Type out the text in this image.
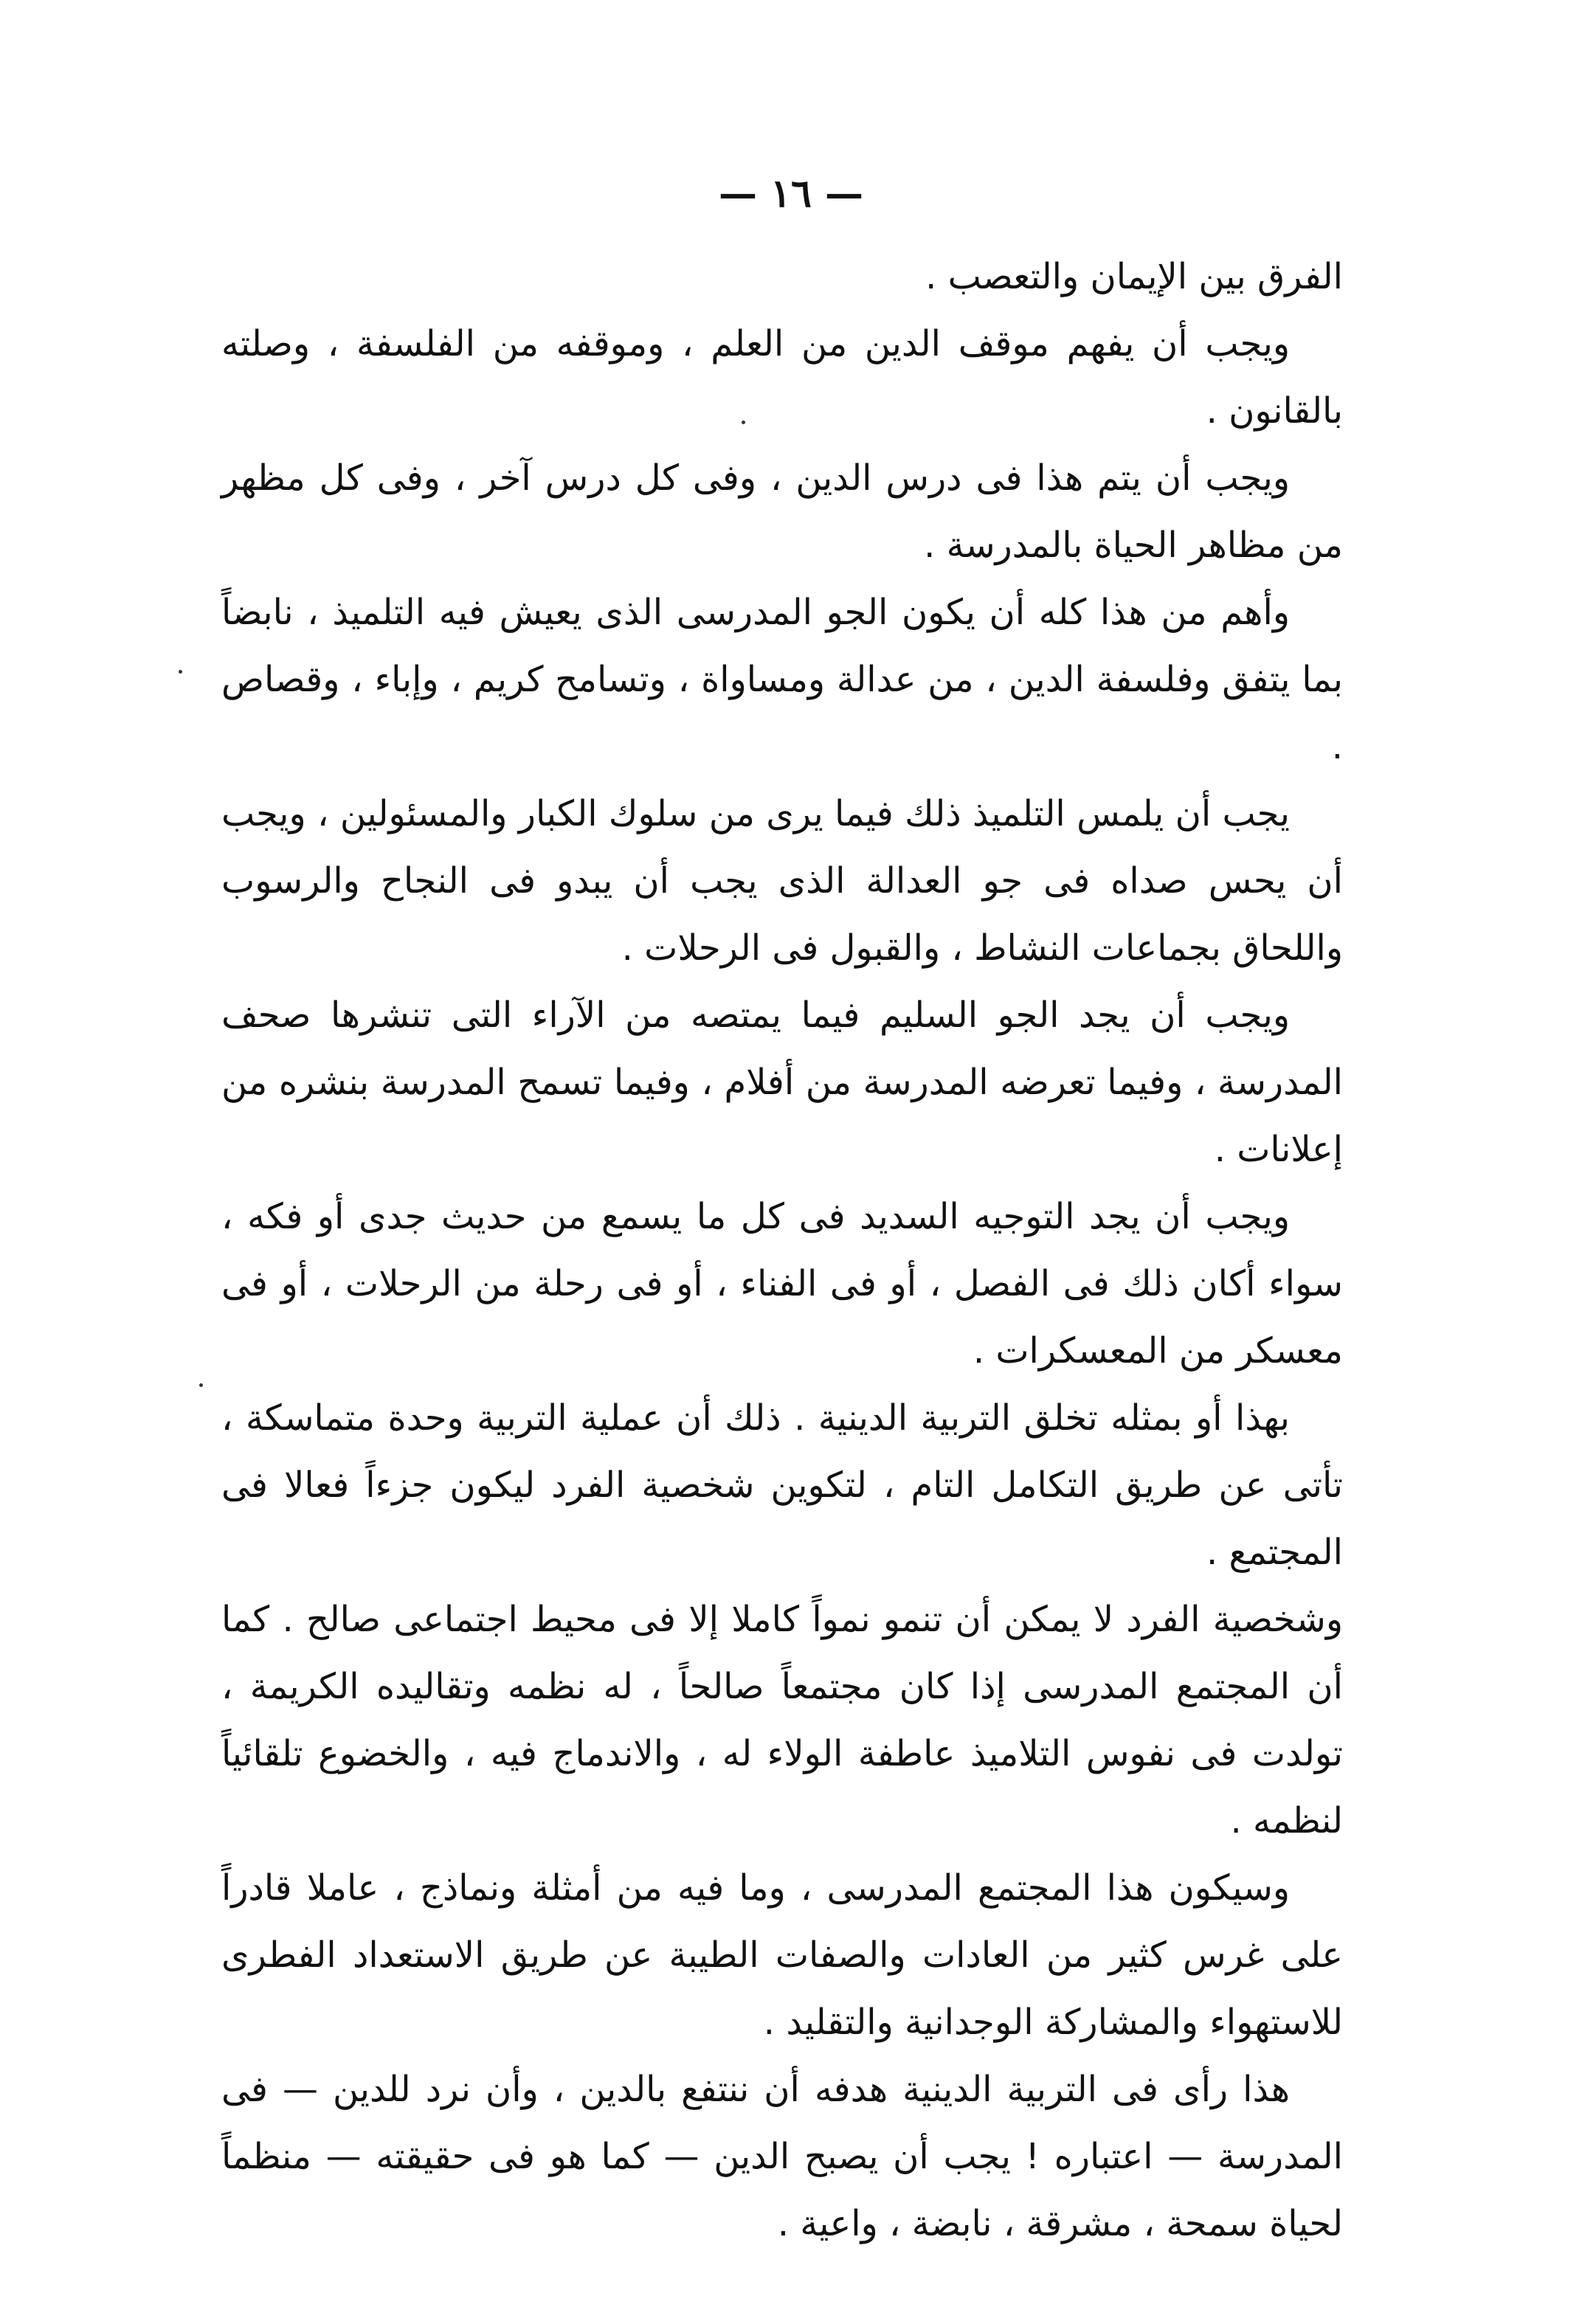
— ١٦ —

الفرق بين الإيمان والتعصب .

ويجب أن يفهم موقف الدين من العلم ، وموقفه من الفلسفة ، وصلته بالقانون .

ويجب أن يتم هذا فى درس الدين ، وفى كل درس آخر ، وفى كل مظهر من مظاهر الحياة بالمدرسة .

وأهم من هذا كله أن يكون الجو المدرسى الذى يعيش فيه التلميذ ، نابضاً بما يتفق وفلسفة الدين ، من عدالة ومساواة ، وتسامح كريم ، وإباء ، وقصاص .

يجب أن يلمس التلميذ ذلك فيما يرى من سلوك الكبار والمسئولين ، ويجب أن يحس صداه فى جو العدالة الذى يجب أن يبدو فى النجاح والرسوب واللحاق بجماعات النشاط ، والقبول فى الرحلات .

ويجب أن يجد الجو السليم فيما يمتصه من الآراء التى تنشرها صحف المدرسة ، وفيما تعرضه المدرسة من أفلام ، وفيما تسمح المدرسة بنشره من إعلانات .

ويجب أن يجد التوجيه السديد فى كل ما يسمع من حديث جدى أو فكه ، سواء أكان ذلك فى الفصل ، أو فى الفناء ، أو فى رحلة من الرحلات ، أو فى معسكر من المعسكرات .

بهذا أو بمثله تخلق التربية الدينية . ذلك أن عملية التربية وحدة متماسكة ، تأتى عن طريق التكامل التام ، لتكوين شخصية الفرد ليكون جزءاً فعالا فى المجتمع .

وشخصية الفرد لا يمكن أن تنمو نمواً كاملا إلا فى محيط اجتماعى صالح . كما أن المجتمع المدرسى إذا كان مجتمعاً صالحاً ، له نظمه وتقاليده الكريمة ، تولدت فى نفوس التلاميذ عاطفة الولاء له ، والاندماج فيه ، والخضوع تلقائياً لنظمه .

وسيكون هذا المجتمع المدرسى ، وما فيه من أمثلة ونماذج ، عاملا قادراً على غرس كثير من العادات والصفات الطيبة عن طريق الاستعداد الفطرى للاستهواء والمشاركة الوجدانية والتقليد .

هذا رأى فى التربية الدينية هدفه أن ننتفع بالدين ، وأن نرد للدين — فى المدرسة — اعتباره ! يجب أن يصبح الدين — كما هو فى حقيقته — منظماً لحياة سمحة ، مشرقة ، نابضة ، واعية .
